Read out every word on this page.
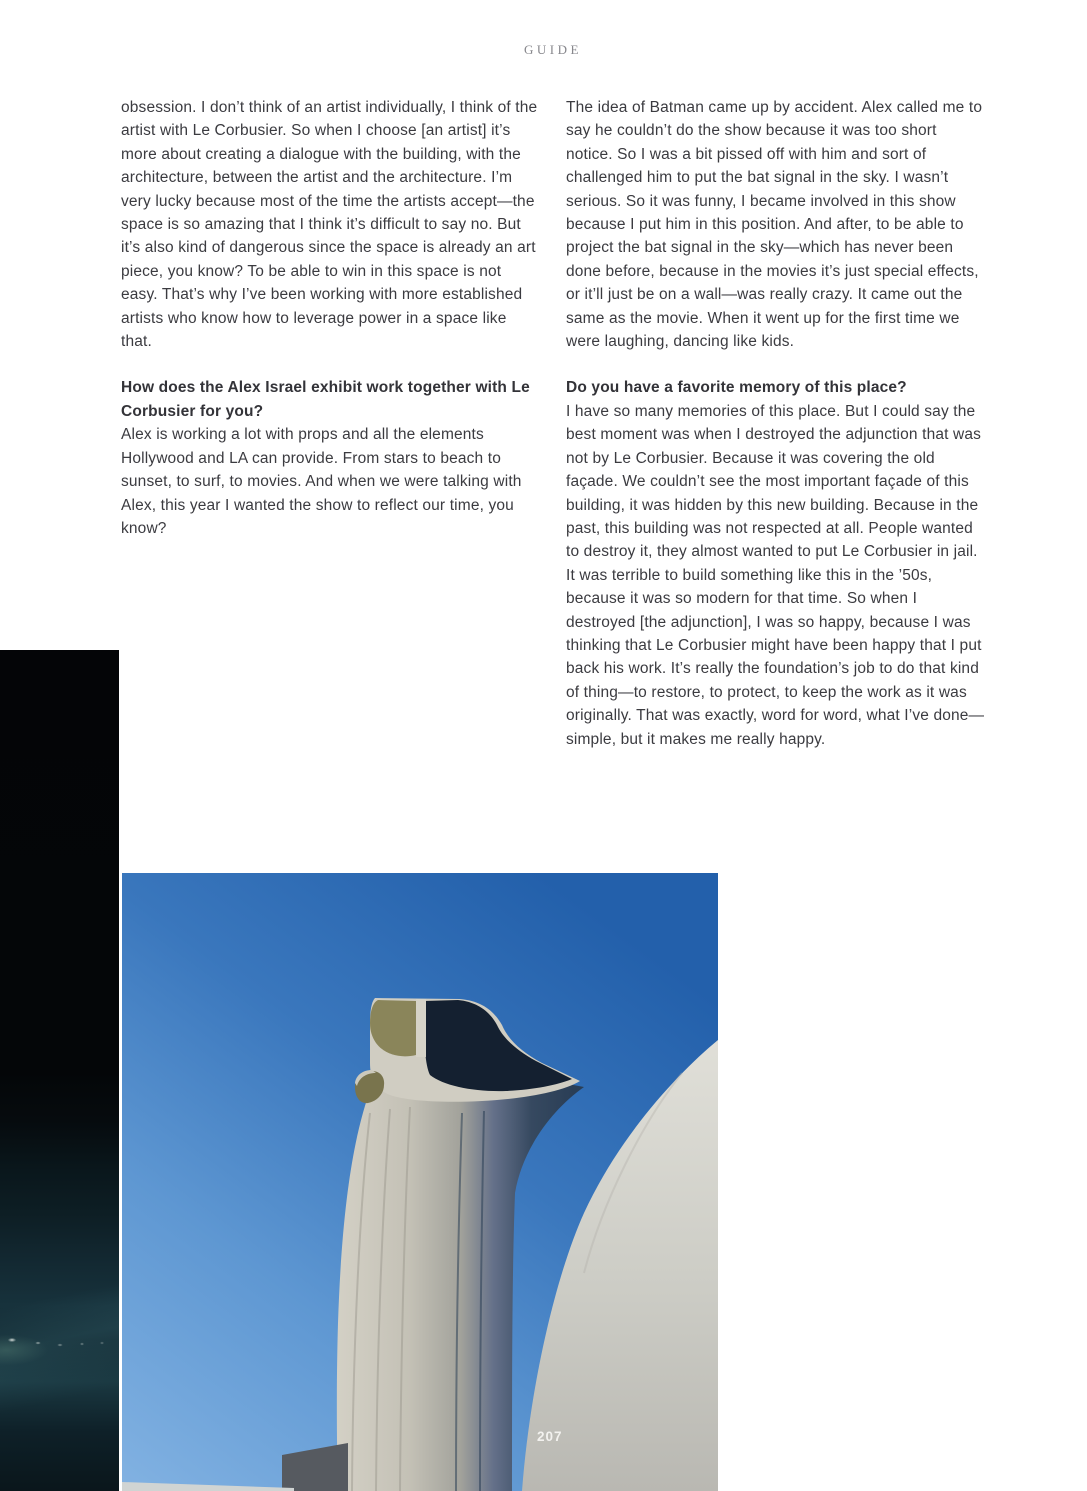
GUIDE

obsession. I don’t think of an artist individually, I think of the artist with Le Corbusier. So when I choose [an artist] it’s more about creating a dialogue with the building, with the architecture, between the artist and the architecture. I’m very lucky because most of the time the artists accept—the space is so amazing that I think it’s difficult to say no. But it’s also kind of dangerous since the space is already an art piece, you know? To be able to win in this space is not easy. That’s why I’ve been working with more established artists who know how to leverage power in a space like that.

How does the Alex Israel exhibit work together with Le Corbusier for you?

Alex is working a lot with props and all the elements Hollywood and LA can provide. From stars to beach to sunset, to surf, to movies. And when we were talking with Alex, this year I wanted the show to reflect our time, you know?

The idea of Batman came up by accident. Alex called me to say he couldn’t do the show because it was too short notice. So I was a bit pissed off with him and sort of challenged him to put the bat signal in the sky. I wasn’t serious. So it was funny, I became involved in this show because I put him in this position. And after, to be able to project the bat signal in the sky—which has never been done before, because in the movies it’s just special effects, or it’ll just be on a wall—was really crazy. It came out the same as the movie. When it went up for the first time we were laughing, dancing like kids.

Do you have a favorite memory of this place?

I have so many memories of this place. But I could say the best moment was when I destroyed the adjunction that was not by Le Corbusier. Because it was covering the old façade. We couldn’t see the most important façade of this building, it was hidden by this new building. Because in the past, this building was not respected at all. People wanted to destroy it, they almost wanted to put Le Corbusier in jail. It was terrible to build something like this in the ’50s, because it was so modern for that time. So when I destroyed [the adjunction], I was so happy, because I was thinking that Le Corbusier might have been happy that I put back his work. It’s really the foundation’s job to do that kind of thing—to restore, to protect, to keep the work as it was originally. That was exactly, word for word, what I’ve done—simple, but it makes me really happy.

207
